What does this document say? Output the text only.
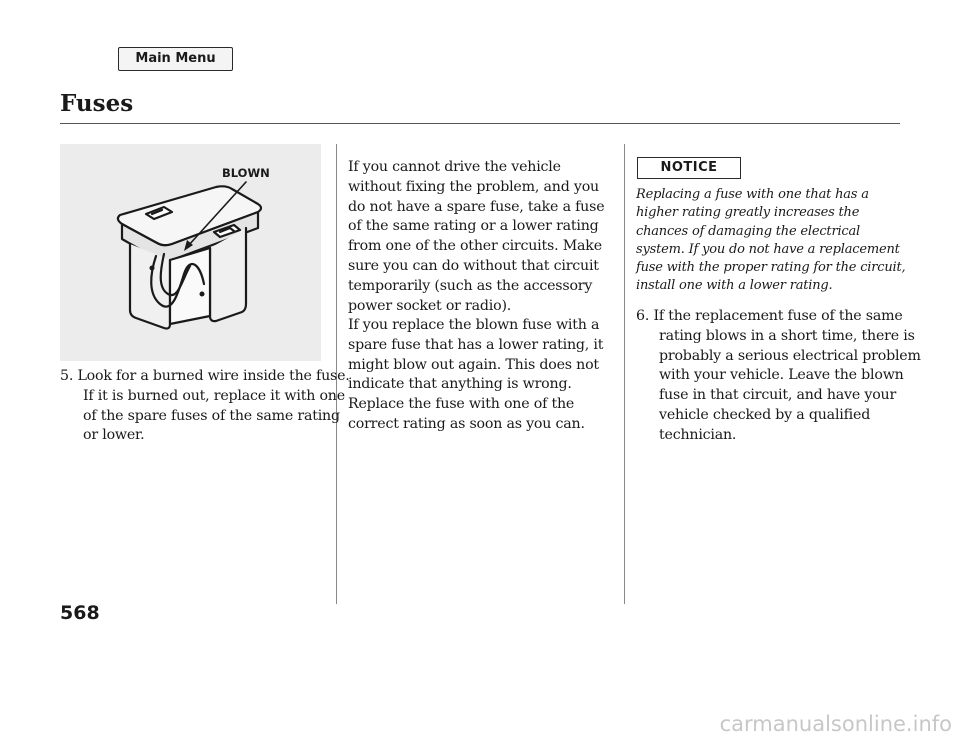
Main Menu
Fuses
BLOWN

5. Look for a burned wire inside the fuse. If it is burned out, replace it with one of the spare fuses of the same rating or lower.

If you cannot drive the vehicle without fixing the problem, and you do not have a spare fuse, take a fuse of the same rating or a lower rating from one of the other circuits. Make sure you can do without that circuit temporarily (such as the accessory power socket or radio).

If you replace the blown fuse with a spare fuse that has a lower rating, it might blow out again. This does not indicate that anything is wrong. Replace the fuse with one of the correct rating as soon as you can.

NOTICE

Replacing a fuse with one that has a higher rating greatly increases the chances of damaging the electrical system. If you do not have a replacement fuse with the proper rating for the circuit, install one with a lower rating.

6. If the replacement fuse of the same rating blows in a short time, there is probably a serious electrical problem with your vehicle. Leave the blown fuse in that circuit, and have your vehicle checked by a qualified technician.

568
carmanualsonline.info
